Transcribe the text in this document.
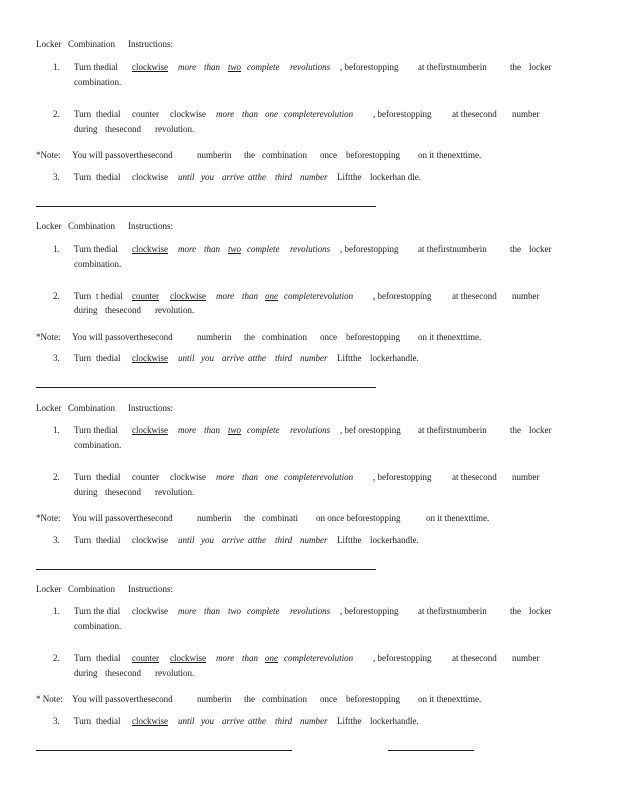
Locker Combination Instructions:
1. Turn thedial clockwise more than two complete revolutions , beforestopping at thefirstnumberin	the locker
combination.
2. Turn thedial counter clockwise more than one completerevolution , beforestopping at thesecond number
during thesecond revolution.
*Note: You will passoverthesecond	numberin the combination once beforestopping on it thenexttime.
3. Turn thedial clockwise until you arrive atthe third number Liftthe lockerhan dle.
Locker Combination Instructions:
1. Turn thedial clockwise more than two complete revolutions , beforestopping at thefirstnumberin	the locker
combination.
2. Turn t hedial counter clockwise more than one completerevolution , beforestopping at thesecond number
during thesecond revolution.
*Note: You will passoverthesecond	numberin the combination once beforestopping on it thenexttime.
3. Turn thedial clockwise until you arrive atthe third number Liftthe lockerhandle.
Locker Combination Instructions:
1. Turn thedial clockwise more than two complete revolutions , bef orestopping at thefirstnumberin	the locker
combination.
2. Turn thedial counter clockwise more than one completerevolution , beforestopping at thesecond number
during thesecond revolution.
*Note: You will passoverthesecond	numberin the combinati on once beforestopping	on it thenexttime.
3. Turn thedial clockwise until you arrive atthe third number Liftthe lockerhandle.
Locker Combination Instructions:
1. Turn the dial clockwise more than two complete revolutions , beforestopping at thefirstnumberin	the locker
combination.
2. Turn thedial counter clockwise more than one completerevolution , beforestopping at thesecond number
during thesecond revolution.
* Note: You will passoverthesecond	numberin the combination once beforestopping on it thenexttime.
3. Turn thedial clockwise until you arrive atthe third number Liftthe lockerhandle.
